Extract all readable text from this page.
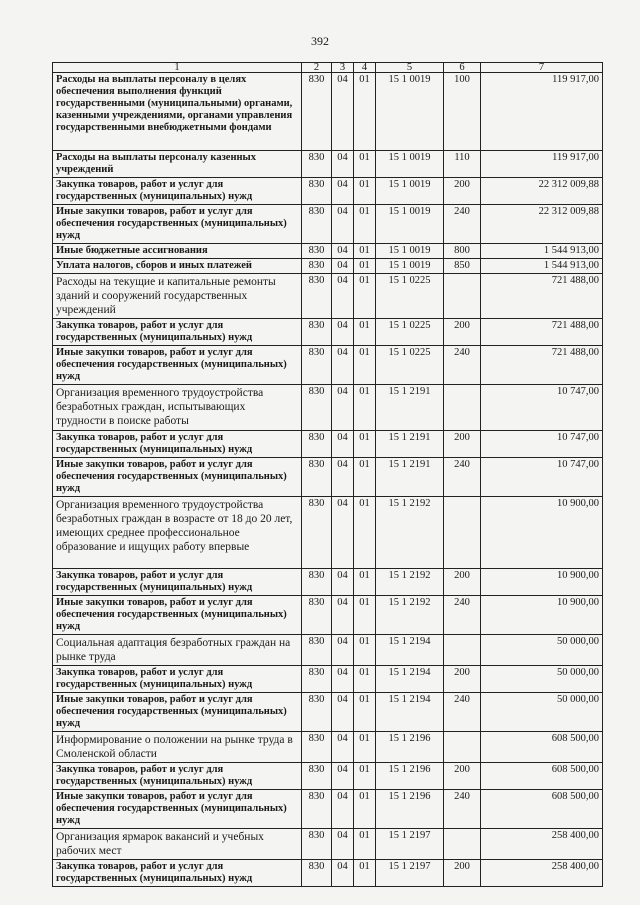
392
1	2	3	4	5	6	7
Расходы на выплаты персоналу в целях обеспечения выполнения функций государственными (муниципальными) органами, казенными учреждениями, органами управления государственными внебюджетными фондами	830	04	01	15 1 0019	100	119 917,00
Расходы на выплаты персоналу казенных учреждений	830	04	01	15 1 0019	110	119 917,00
Закупка товаров, работ и услуг для государственных (муниципальных) нужд	830	04	01	15 1 0019	200	22 312 009,88
Иные закупки товаров, работ и услуг для обеспечения государственных (муниципальных) нужд	830	04	01	15 1 0019	240	22 312 009,88
Иные бюджетные ассигнования	830	04	01	15 1 0019	800	1 544 913,00
Уплата налогов, сборов и иных платежей	830	04	01	15 1 0019	850	1 544 913,00
Расходы на текущие и капитальные ремонты зданий и сооружений государственных учреждений	830	04	01	15 1 0225		721 488,00
Закупка товаров, работ и услуг для государственных (муниципальных) нужд	830	04	01	15 1 0225	200	721 488,00
Иные закупки товаров, работ и услуг для обеспечения государственных (муниципальных) нужд	830	04	01	15 1 0225	240	721 488,00
Организация временного трудоустройства безработных граждан, испытывающих трудности в поиске работы	830	04	01	15 1 2191		10 747,00
Закупка товаров, работ и услуг для государственных (муниципальных) нужд	830	04	01	15 1 2191	200	10 747,00
Иные закупки товаров, работ и услуг для обеспечения государственных (муниципальных) нужд	830	04	01	15 1 2191	240	10 747,00
Организация временного трудоустройства безработных граждан в возрасте от 18 до 20 лет, имеющих среднее профессиональное образование и ищущих работу впервые	830	04	01	15 1 2192		10 900,00
Закупка товаров, работ и услуг для государственных (муниципальных) нужд	830	04	01	15 1 2192	200	10 900,00
Иные закупки товаров, работ и услуг для обеспечения государственных (муниципальных) нужд	830	04	01	15 1 2192	240	10 900,00
Социальная адаптация безработных граждан на рынке труда	830	04	01	15 1 2194		50 000,00
Закупка товаров, работ и услуг для государственных (муниципальных) нужд	830	04	01	15 1 2194	200	50 000,00
Иные закупки товаров, работ и услуг для обеспечения государственных (муниципальных) нужд	830	04	01	15 1 2194	240	50 000,00
Информирование о положении на рынке труда в Смоленской области	830	04	01	15 1 2196		608 500,00
Закупка товаров, работ и услуг для государственных (муниципальных) нужд	830	04	01	15 1 2196	200	608 500,00
Иные закупки товаров, работ и услуг для обеспечения государственных (муниципальных) нужд	830	04	01	15 1 2196	240	608 500,00
Организация ярмарок вакансий и учебных рабочих мест	830	04	01	15 1 2197		258 400,00
Закупка товаров, работ и услуг для государственных (муниципальных) нужд	830	04	01	15 1 2197	200	258 400,00
